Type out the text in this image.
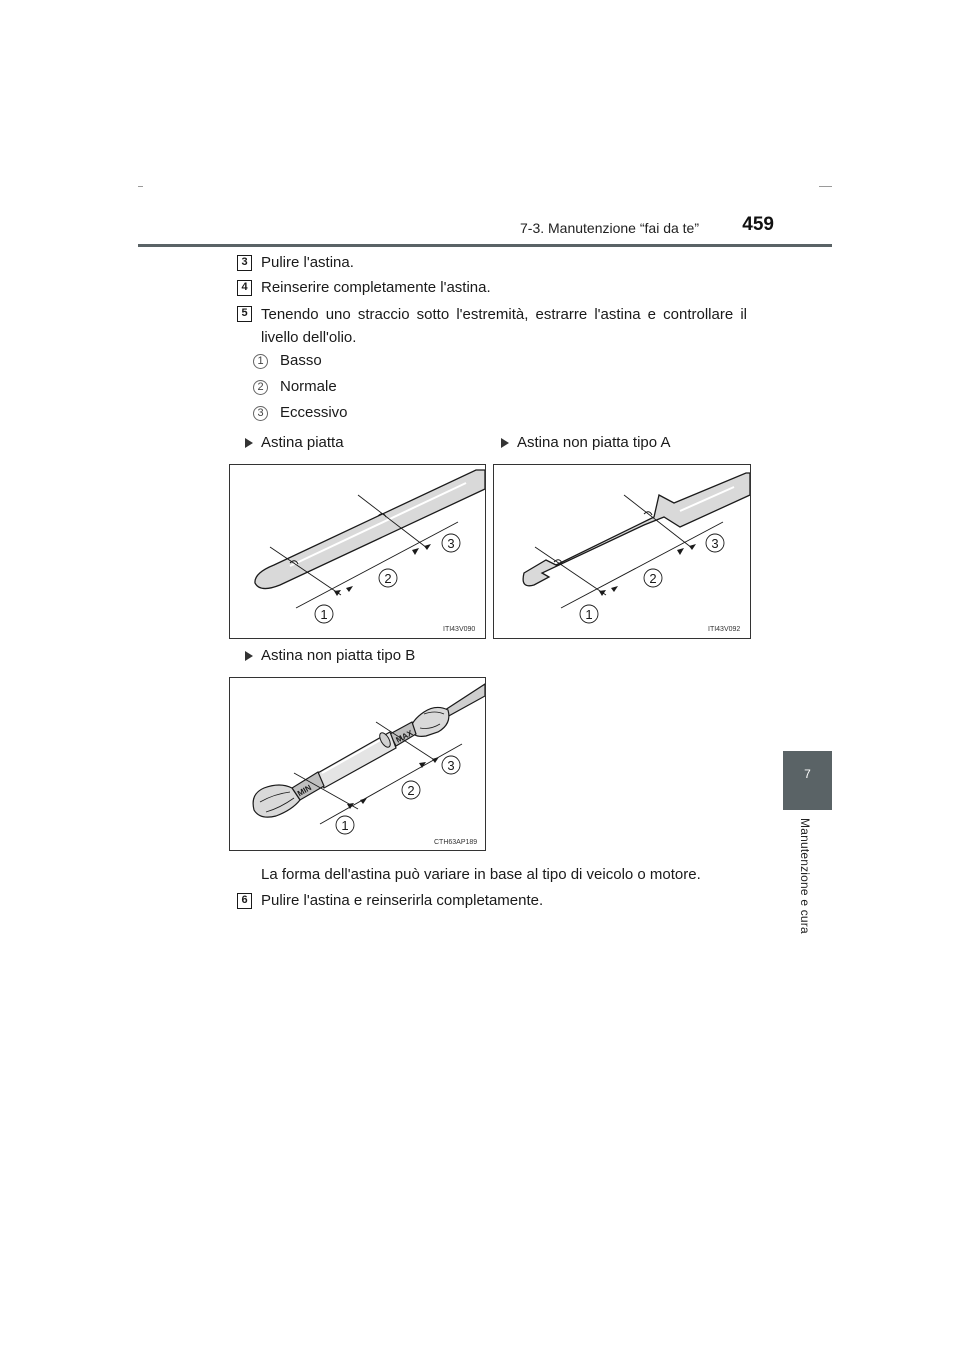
7-3. Manutenzione “fai da te”	459
7
Manutenzione e cura
3 Pulire l'astina.
4 Reinserire completamente l'astina.
5 Tenendo uno straccio sotto l'estremità, estrarre l'astina e controllare il livello dell'olio.
1 Basso
2 Normale
3 Eccessivo
Astina piatta	Astina non piatta tipo A
1
2
3
ITI43V090
1
2
3
ITI43V092
Astina non piatta tipo B
MAX
MIN
1
2
3
CTH63AP189
La forma dell'astina può variare in base al tipo di veicolo o motore.
6 Pulire l'astina e reinserirla completamente.
